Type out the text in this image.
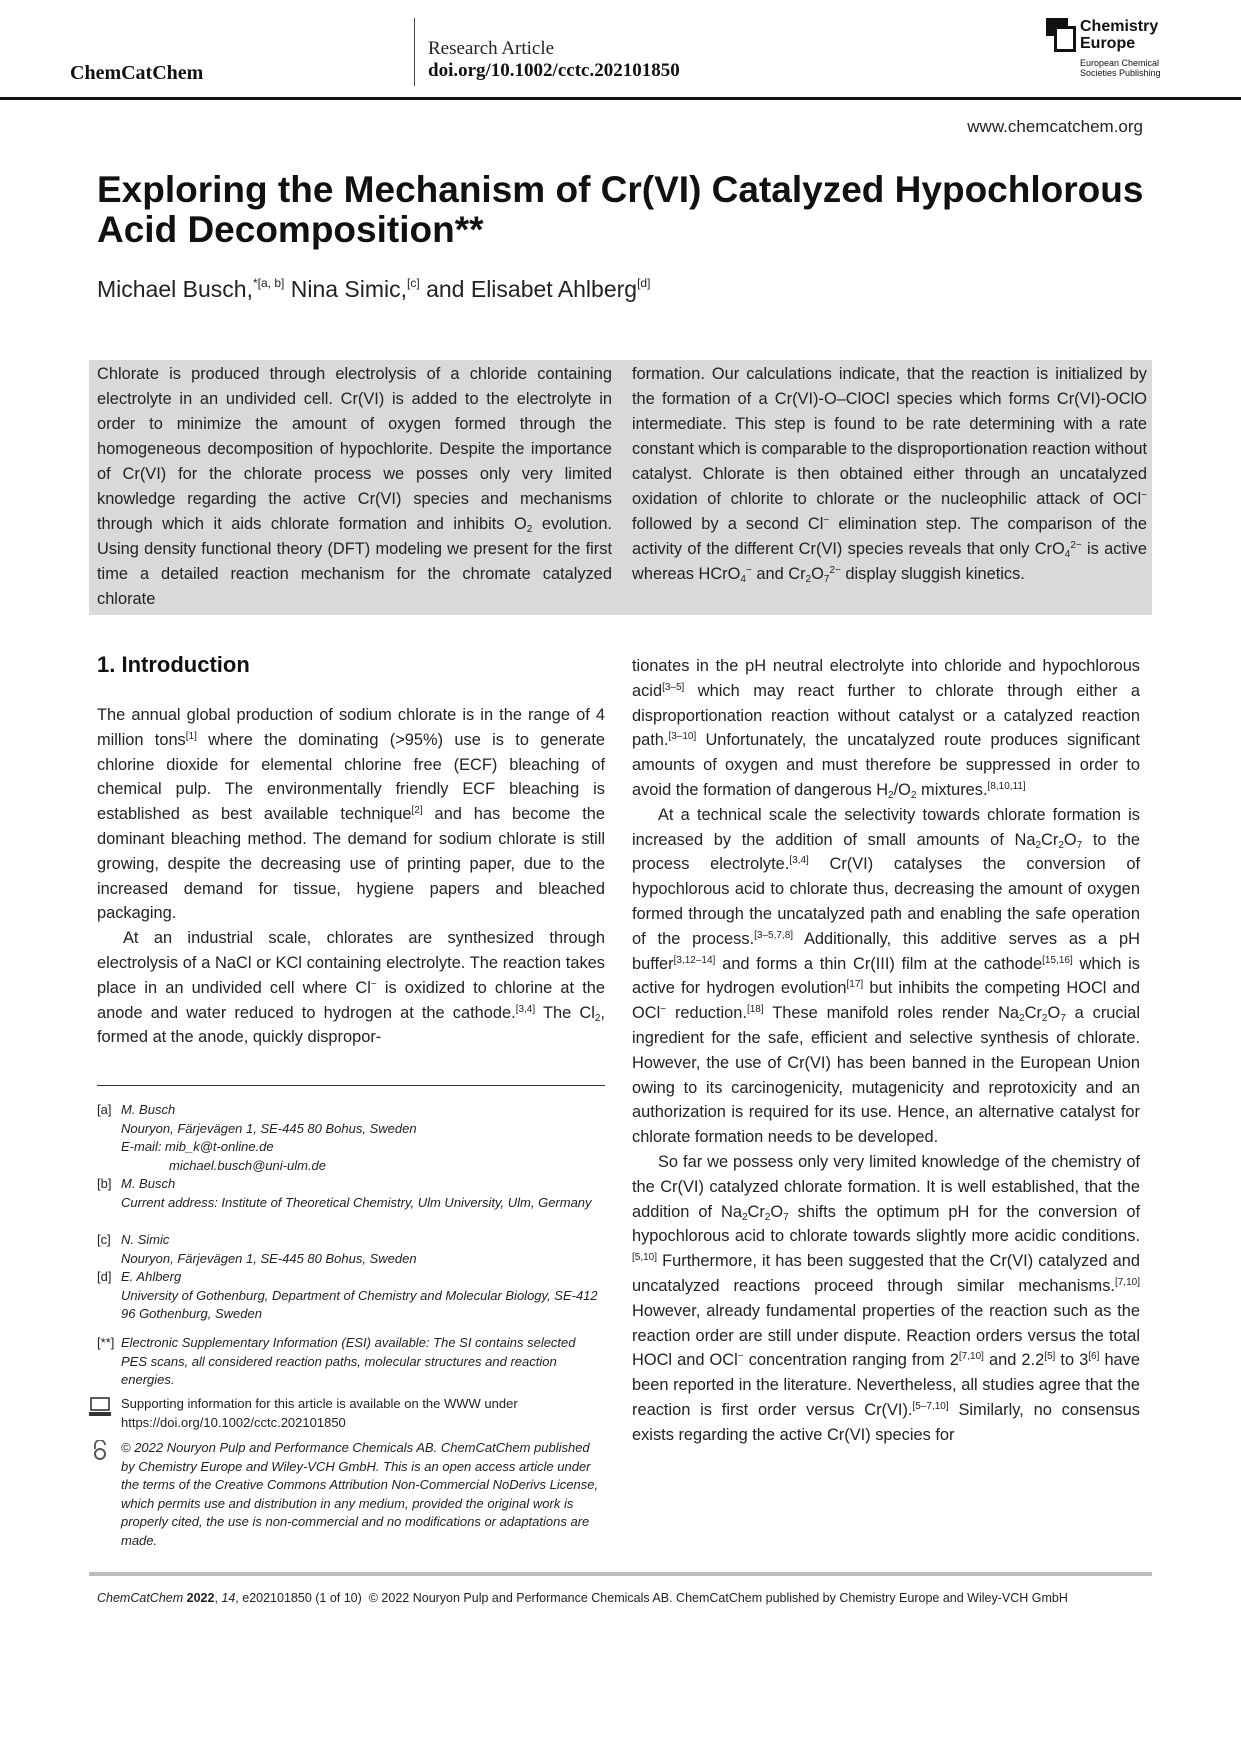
ChemCatChem
Research Article
doi.org/10.1002/cctc.202101850
Chemistry
Europe
European Chemical
Societies Publishing
www.chemcatchem.org
Exploring the Mechanism of Cr(VI) Catalyzed Hypochlorous Acid Decomposition**
Michael Busch,$^{*[a, b]}$ Nina Simic,[c] and Elisabet Ahlberg[d]
Chlorate is produced through electrolysis of a chloride containing electrolyte in an undivided cell. Cr(VI) is added to the electrolyte in order to minimize the amount of oxygen formed through the homogeneous decomposition of hypochlorite. Despite the importance of Cr(VI) for the chlorate process we posses only very limited knowledge regarding the active Cr(VI) species and mechanisms through which it aids chlorate formation and inhibits $O_2$ evolution. Using density functional theory (DFT) modeling we present for the first time a detailed reaction mechanism for the chromate catalyzed chlorate
formation. Our calculations indicate, that the reaction is initialized by the formation of a Cr(VI)-O–ClOCl species which forms Cr(VI)-OClO intermediate. This step is found to be rate determining with a rate constant which is comparable to the disproportionation reaction without catalyst. Chlorate is then obtained either through an uncatalyzed oxidation of chlorite to chlorate or the nucleophilic attack of OCl− followed by a second Cl− elimination step. The comparison of the activity of the different Cr(VI) species reveals that only CrO$_4^{2-}$ is active whereas HCrO$_4$− and $Cr_2O_7^{2-}$ display sluggish kinetics.
1. Introduction

The annual global production of sodium chlorate is in the range of 4 million tons[1] where the dominating (>95%) use is to generate chlorine dioxide for elemental chlorine free (ECF) bleaching of chemical pulp. The environmentally friendly ECF bleaching is established as best available technique[2] and has become the dominant bleaching method. The demand for sodium chlorate is still growing, despite the decreasing use of printing paper, due to the increased demand for tissue, hygiene papers and bleached packaging.

At an industrial scale, chlorates are synthesized through electrolysis of a NaCl or KCl containing electrolyte. The reaction takes place in an undivided cell where Cl− is oxidized to chlorine at the anode and water reduced to hydrogen at the cathode.[3,4] The $Cl_2$, formed at the anode, quickly dispropor-

tionates in the pH neutral electrolyte into chloride and hypochlorous acid[3–5] which may react further to chlorate through either a disproportionation reaction without catalyst or a catalyzed reaction path.[3–10] Unfortunately, the uncatalyzed route produces significant amounts of oxygen and must therefore be suppressed in order to avoid the formation of dangerous $H_2/O_2$ mixtures.[8,10,11]

At a technical scale the selectivity towards chlorate formation is increased by the addition of small amounts of $Na_2Cr_2O_7$ to the process electrolyte.[3,4] Cr(VI) catalyses the conversion of hypochlorous acid to chlorate thus, decreasing the amount of oxygen formed through the uncatalyzed path and enabling the safe operation of the process.[3–5,7,8] Additionally, this additive serves as a pH buffer[3,12–14] and forms a thin Cr(III) film at the cathode[15,16] which is active for hydrogen evolution[17] but inhibits the competing HOCl and OCl− reduction.[18] These manifold roles render $Na_2Cr_2O_7$ a crucial ingredient for the safe, efficient and selective synthesis of chlorate. However, the use of Cr(VI) has been banned in the European Union owing to its carcinogenicity, mutagenicity and reprotoxicity and an authorization is required for its use. Hence, an alternative catalyst for chlorate formation needs to be developed.

So far we possess only very limited knowledge of the chemistry of the Cr(VI) catalyzed chlorate formation. It is well established, that the addition of $Na_2Cr_2O_7$ shifts the optimum pH for the conversion of hypochlorous acid to chlorate towards slightly more acidic conditions.[5,10] Furthermore, it has been suggested that the Cr(VI) catalyzed and uncatalyzed reactions proceed through similar mechanisms.[7,10] However, already fundamental properties of the reaction such as the reaction order are still under dispute. Reaction orders versus the total HOCl and OCl− concentration ranging from 2[7,10] and 2.2[5] to 3[6] have been reported in the literature. Nevertheless, all studies agree that the reaction is first order versus Cr(VI).[5–7,10] Similarly, no consensus exists regarding the active Cr(VI) species for

[a] M. Busch
Nouryon, Färjevägen 1, SE-445 80 Bohus, Sweden
E-mail: mib_k@t-online.de
michael.busch@uni-ulm.de
[b] M. Busch
Current address: Institute of Theoretical Chemistry, Ulm University, Ulm, Germany
[c] N. Simic
Nouryon, Färjevägen 1, SE-445 80 Bohus, Sweden
[d] E. Ahlberg
University of Gothenburg, Department of Chemistry and Molecular Biology, SE-412 96 Gothenburg, Sweden
[**] Electronic Supplementary Information (ESI) available: The SI contains selected PES scans, all considered reaction paths, molecular structures and reaction energies.
Supporting information for this article is available on the WWW under https://doi.org/10.1002/cctc.202101850
© 2022 Nouryon Pulp and Performance Chemicals AB. ChemCatChem published by Chemistry Europe and Wiley-VCH GmbH. This is an open access article under the terms of the Creative Commons Attribution Non-Commercial NoDerivs License, which permits use and distribution in any medium, provided the original work is properly cited, the use is non-commercial and no modifications or adaptations are made.
ChemCatChem 2022, 14, e202101850 (1 of 10) © 2022 Nouryon Pulp and Performance Chemicals AB. ChemCatChem published by Chemistry Europe and Wiley-VCH GmbH
